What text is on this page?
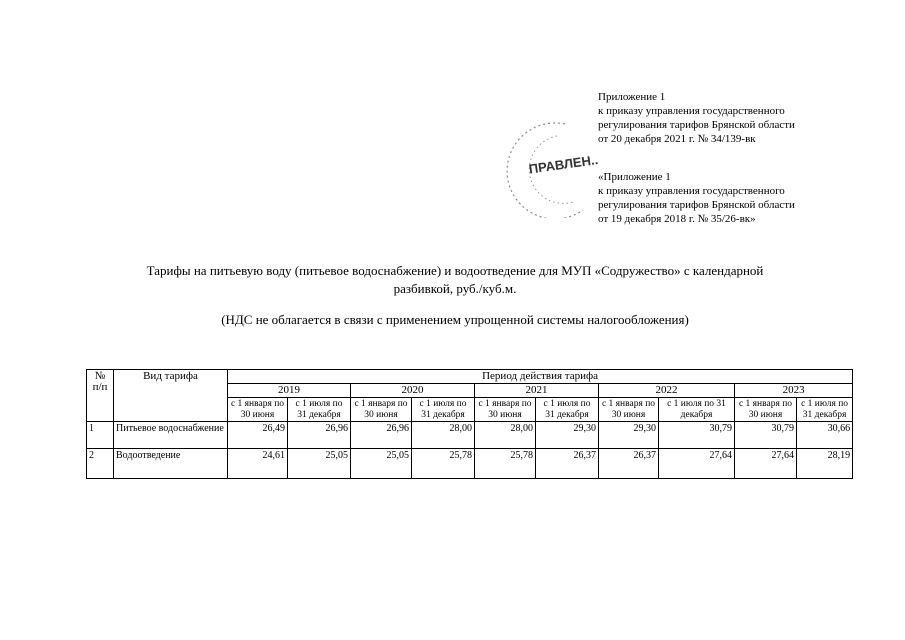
Приложение 1
к приказу управления государственного
регулирования тарифов Брянской области
от 20 декабря 2021 г. № 34/139-вк
«Приложение 1
к приказу управления государственного
регулирования тарифов Брянской области
от 19 декабря 2018 г. № 35/26-вк»
ПРАВЛЕН..
Тарифы на питьевую воду (питьевое водоснабжение) и водоотведение для МУП «Содружество» с календарной
разбивкой, руб./куб.м.
(НДС не облагается в связи с применением упрощенной системы налогообложения)
№ п/п	Вид тарифа	Период действия тарифа									
		2019		2020		2021		2022		2023	
		с 1 января по 30 июня	с 1 июля по 31 декабря	с 1 января по 30 июня	с 1 июля по 31 декабря	с 1 января по 30 июня	с 1 июля по 31 декабря	с 1 января по 30 июня	с 1 июля по 31 декабря	с 1 января по 30 июня	с 1 июля по 31 декабря
1	Питьевое водоснабжение	26,49	26,96	26,96	28,00	28,00	29,30	29,30	30,79	30,79	30,66
2	Водоотведение	24,61	25,05	25,05	25,78	25,78	26,37	26,37	27,64	27,64	28,19
